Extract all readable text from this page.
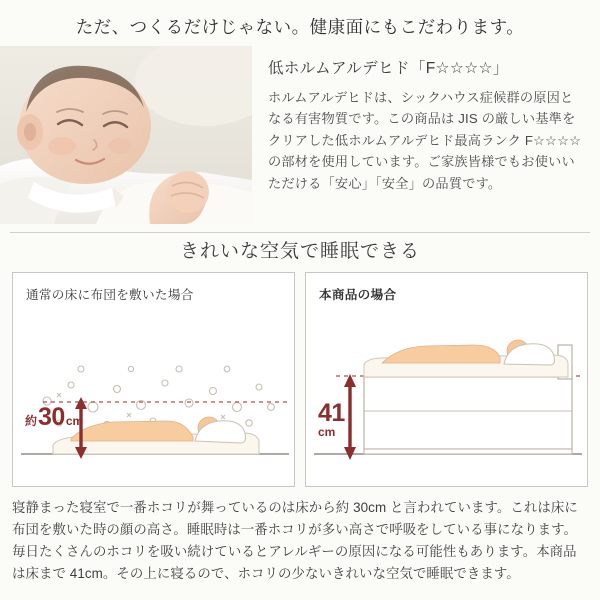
ただ、つくるだけじゃない。健康面にもこだわります。
低ホルムアルデヒド「F☆☆☆☆」
ホルムアルデヒドは、シックハウス症候群の原因となる有害物質です。この商品は JIS の厳しい基準をクリアした低ホルムアルデヒド最高ランク F☆☆☆☆の部材を使用しています。ご家族皆様でもお使いいただける「安心」「安全」の品質です。
きれいな空気で睡眠できる
通常の床に布団を敷いた場合
約 30 cm
本商品の場合
41
cm
寝静まった寝室で一番ホコリが舞っているのは床から約 30cm と言われています。これは床に布団を敷いた時の顔の高さ。睡眠時は一番ホコリが多い高さで呼吸をしている事になります。毎日たくさんのホコリを吸い続けているとアレルギーの原因になる可能性もあります。本商品は床まで 41cm。その上に寝るので、ホコリの少ないきれいな空気で睡眠できます。
